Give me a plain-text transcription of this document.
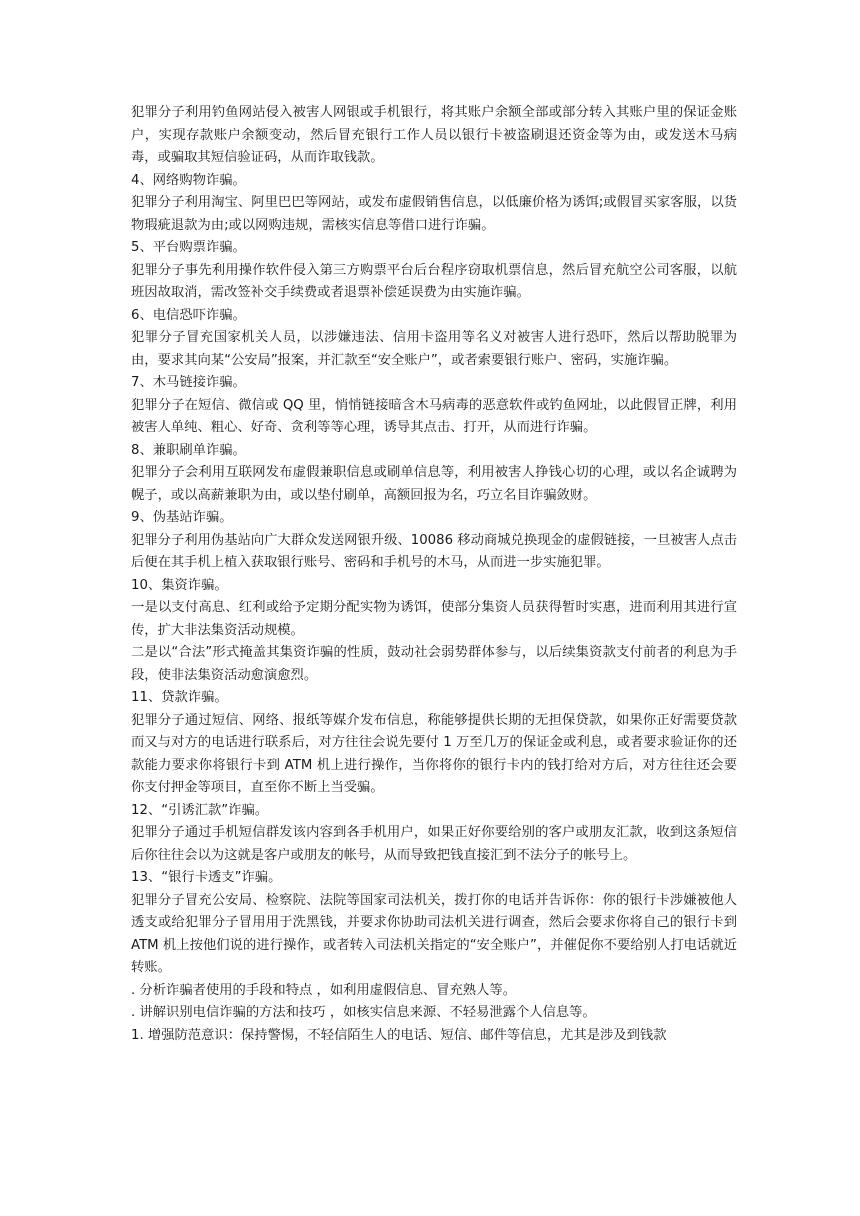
犯罪分子利用钓鱼网站侵入被害人网银或手机银行，将其账户余额全部或部分转入其账户里的保证金账户，实现存款账户余额变动，然后冒充银行工作人员以银行卡被盗刷退还资金等为由，或发送木马病毒，或骗取其短信验证码，从而诈取钱款。

4、网络购物诈骗。

犯罪分子利用淘宝、阿里巴巴等网站，或发布虚假销售信息，以低廉价格为诱饵;或假冒买家客服，以货物瑕疵退款为由;或以网购违规，需核实信息等借口进行诈骗。

5、平台购票诈骗。

犯罪分子事先利用操作软件侵入第三方购票平台后台程序窃取机票信息，然后冒充航空公司客服，以航班因故取消，需改签补交手续费或者退票补偿延误费为由实施诈骗。

6、电信恐吓诈骗。

犯罪分子冒充国家机关人员，以涉嫌违法、信用卡盗用等名义对被害人进行恐吓，然后以帮助脱罪为由，要求其向某“公安局”报案，并汇款至“安全账户”，或者索要银行账户、密码，实施诈骗。

7、木马链接诈骗。

犯罪分子在短信、微信或 QQ 里，悄悄链接暗含木马病毒的恶意软件或钓鱼网址，以此假冒正牌，利用被害人单纯、粗心、好奇、贪利等等心理，诱导其点击、打开，从而进行诈骗。

8、兼职刷单诈骗。

犯罪分子会利用互联网发布虚假兼职信息或刷单信息等，利用被害人挣钱心切的心理，或以名企诚聘为幌子，或以高薪兼职为由，或以垫付刷单，高额回报为名，巧立名目诈骗敛财。

9、伪基站诈骗。

犯罪分子利用伪基站向广大群众发送网银升级、10086 移动商城兑换现金的虚假链接，一旦被害人点击后便在其手机上植入获取银行账号、密码和手机号的木马，从而进一步实施犯罪。

10、集资诈骗。

一是以支付高息、红利或给予定期分配实物为诱饵，使部分集资人员获得暂时实惠，进而利用其进行宣传，扩大非法集资活动规模。

二是以“合法”形式掩盖其集资诈骗的性质，鼓动社会弱势群体参与，以后续集资款支付前者的利息为手段，使非法集资活动愈演愈烈。

11、贷款诈骗。

犯罪分子通过短信、网络、报纸等媒介发布信息，称能够提供长期的无担保贷款，如果你正好需要贷款而又与对方的电话进行联系后，对方往往会说先要付 1 万至几万的保证金或利息，或者要求验证你的还款能力要求你将银行卡到 ATM 机上进行操作，当你将你的银行卡内的钱打给对方后，对方往往还会要你支付押金等项目，直至你不断上当受骗。

12、“引诱汇款”诈骗。

犯罪分子通过手机短信群发该内容到各手机用户，如果正好你要给别的客户或朋友汇款，收到这条短信后你往往会以为这就是客户或朋友的帐号，从而导致把钱直接汇到不法分子的帐号上。

13、“银行卡透支”诈骗。

犯罪分子冒充公安局、检察院、法院等国家司法机关，拨打你的电话并告诉你：你的银行卡涉嫌被他人透支或给犯罪分子冒用用于洗黑钱，并要求你协助司法机关进行调查，然后会要求你将自己的银行卡到 ATM 机上按他们说的进行操作，或者转入司法机关指定的“安全账户”，并催促你不要给别人打电话就近转账。

. 分析诈骗者使用的手段和特点 ，如利用虚假信息、冒充熟人等。

. 讲解识别电信诈骗的方法和技巧 ，如核实信息来源、不轻易泄露个人信息等。

1. 增强防范意识：保持警惕，不轻信陌生人的电话、短信、邮件等信息，尤其是涉及到钱款
